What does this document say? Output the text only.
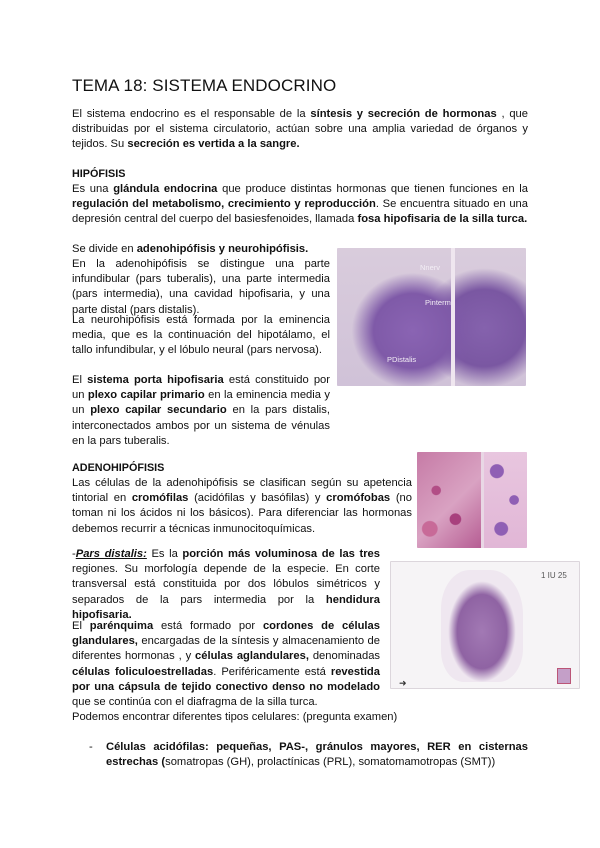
TEMA 18: SISTEMA ENDOCRINO

El sistema endocrino es el responsable de la síntesis y secreción de hormonas , que distribuidas por el sistema circulatorio, actúan sobre una amplia variedad de órganos y tejidos. Su secreción es vertida a la sangre.

HIPÓFISIS

Es una glándula endocrina que produce distintas hormonas que tienen funciones en la regulación del metabolismo, crecimiento y reproducción. Se encuentra situado en una depresión central del cuerpo del basiesfenoides, llamada fosa hipofisaria de la silla turca.

Se divide en adenohipófisis y neurohipófisis.

En la adenohipófisis se distingue una parte infundibular (pars tuberalis), una parte intermedia (pars intermedia), una cavidad hipofisaria, y una parte distal (pars distalis).

La neurohipófisis está formada por la eminencia media, que es la continuación del hipotálamo, el tallo infundibular, y el lóbulo neural (pars nervosa).

Nnerv
Pinterm
PDistalis

El sistema porta hipofisaria está constituido por un plexo capilar primario en la eminencia media y un plexo capilar secundario en la pars distalis, interconectados ambos por un sistema de vénulas en la pars tuberalis.

ADENOHIPÓFISIS

Las células de la adenohipófisis se clasifican según su apetencia tintorial en cromófilas (acidófilas y basófilas) y cromófobas (no toman ni los ácidos ni los básicos). Para diferenciar las hormonas debemos recurrir a técnicas inmunocitoquímicas.

-Pars distalis: Es la porción más voluminosa de las tres regiones. Su morfología depende de la especie. En corte transversal está constituida por dos lóbulos simétricos y separados de la pars intermedia por la hendidura hipofisaria.

El parénquima está formado por cordones de células glandulares, encargadas de la síntesis y almacenamiento de diferentes hormonas , y células aglandulares, denominadas células foliculoestrelladas. Periféricamente está revestida por una cápsula de tejido conectivo denso no modelado que se continúa con el diafragma de la silla turca.

Podemos encontrar diferentes tipos celulares: (pregunta examen)

1 IU 25
➜
- Células acidófilas: pequeñas, PAS-, gránulos mayores, RER en cisternas estrechas (somatropas (GH), prolactínicas (PRL), somatomamotropas (SMT))
